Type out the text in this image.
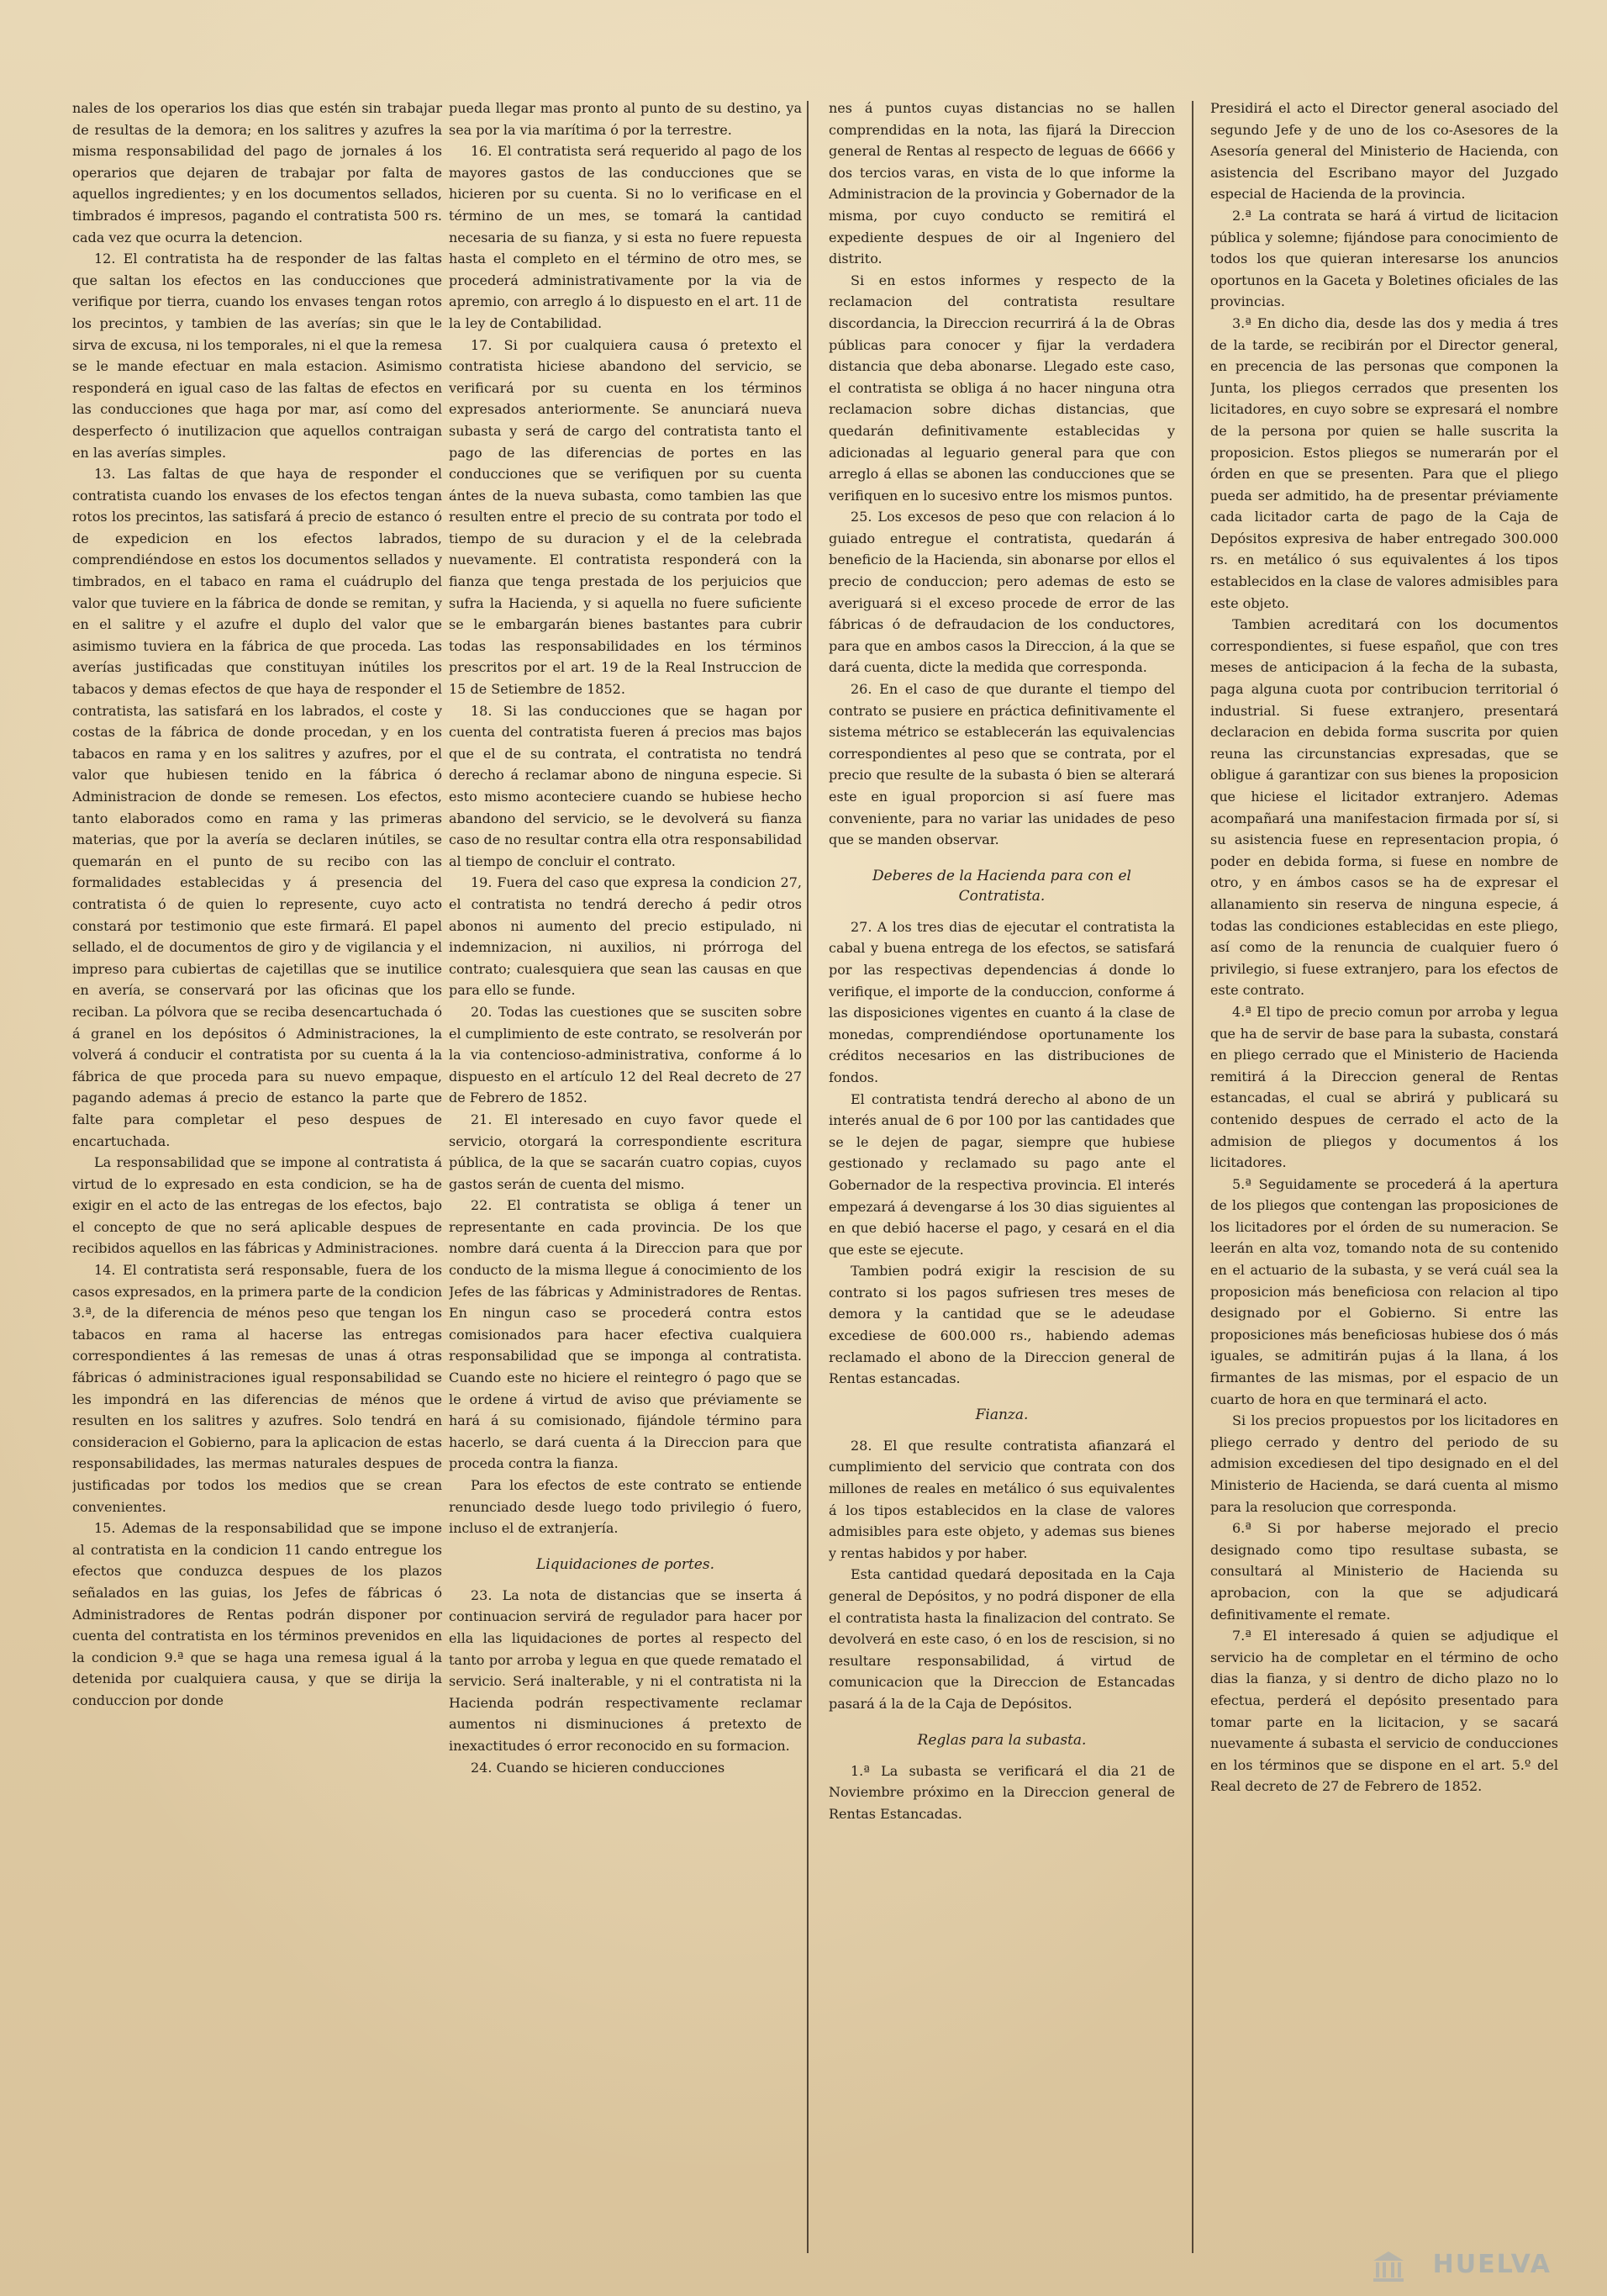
nales de los operarios los dias que estén sin trabajar de resultas de la demora; en los salitres y azufres la misma responsabilidad del pago de jornales á los operarios que dejaren de trabajar por falta de aquellos ingredientes; y en los documentos sellados, timbrados é impresos, pagando el contratista 500 rs. cada vez que ocurra la detencion.

12. El contratista ha de responder de las faltas que saltan los efectos en las conducciones que verifique por tierra, cuando los envases tengan rotos los precintos, y tambien de las averías; sin que le sirva de excusa, ni los temporales, ni el que la remesa se le mande efectuar en mala estacion. Asimismo responderá en igual caso de las faltas de efectos en las conducciones que haga por mar, así como del desperfecto ó inutilizacion que aquellos contraigan en las averías simples.

13. Las faltas de que haya de responder el contratista cuando los envases de los efectos tengan rotos los precintos, las satisfará á precio de estanco ó de expedicion en los efectos labrados, comprendiéndose en estos los documentos sellados y timbrados, en el tabaco en rama el cuádruplo del valor que tuviere en la fábrica de donde se remitan, y en el salitre y el azufre el duplo del valor que asimismo tuviera en la fábrica de que proceda. Las averías justificadas que constituyan inútiles los tabacos y demas efectos de que haya de responder el contratista, las satisfará en los labrados, el coste y costas de la fábrica de donde procedan, y en los tabacos en rama y en los salitres y azufres, por el valor que hubiesen tenido en la fábrica ó Administracion de donde se remesen. Los efectos, tanto elaborados como en rama y las primeras materias, que por la avería se declaren inútiles, se quemarán en el punto de su recibo con las formalidades establecidas y á presencia del contratista ó de quien lo represente, cuyo acto constará por testimonio que este firmará. El papel sellado, el de documentos de giro y de vigilancia y el impreso para cubiertas de cajetillas que se inutilice en avería, se conservará por las oficinas que los reciban. La pólvora que se reciba desencartuchada ó á granel en los depósitos ó Administraciones, la volverá á conducir el contratista por su cuenta á la fábrica de que proceda para su nuevo empaque, pagando ademas á precio de estanco la parte que falte para completar el peso despues de encartuchada.

La responsabilidad que se impone al contratista á virtud de lo expresado en esta condicion, se ha de exigir en el acto de las entregas de los efectos, bajo el concepto de que no será aplicable despues de recibidos aquellos en las fábricas y Administraciones.

14. El contratista será responsable, fuera de los casos expresados, en la primera parte de la condicion 3.ª, de la diferencia de ménos peso que tengan los tabacos en rama al hacerse las entregas correspondientes á las remesas de unas á otras fábricas ó administraciones igual responsabilidad se les impondrá en las diferencias de ménos que resulten en los salitres y azufres. Solo tendrá en consideracion el Gobierno, para la aplicacion de estas responsabilidades, las mermas naturales despues de justificadas por todos los medios que se crean convenientes.

15. Ademas de la responsabilidad que se impone al contratista en la condicion 11 cando entregue los efectos que conduzca despues de los plazos señalados en las guias, los Jefes de fábricas ó Administradores de Rentas podrán disponer por cuenta del contratista en los términos prevenidos en la condicion 9.ª que se haga una remesa igual á la detenida por cualquiera causa, y que se dirija la conduccion por donde

pueda llegar mas pronto al punto de su destino, ya sea por la via marítima ó por la terrestre.

16. El contratista será requerido al pago de los mayores gastos de las conducciones que se hicieren por su cuenta. Si no lo verificase en el término de un mes, se tomará la cantidad necesaria de su fianza, y si esta no fuere repuesta hasta el completo en el término de otro mes, se procederá administrativamente por la via de apremio, con arreglo á lo dispuesto en el art. 11 de la ley de Contabilidad.

17. Si por cualquiera causa ó pretexto el contratista hiciese abandono del servicio, se verificará por su cuenta en los términos expresados anteriormente. Se anunciará nueva subasta y será de cargo del contratista tanto el pago de las diferencias de portes en las conducciones que se verifiquen por su cuenta ántes de la nueva subasta, como tambien las que resulten entre el precio de su contrata por todo el tiempo de su duracion y el de la celebrada nuevamente. El contratista responderá con la fianza que tenga prestada de los perjuicios que sufra la Hacienda, y si aquella no fuere suficiente se le embargarán bienes bastantes para cubrir todas las responsabilidades en los términos prescritos por el art. 19 de la Real Instruccion de 15 de Setiembre de 1852.

18. Si las conducciones que se hagan por cuenta del contratista fueren á precios mas bajos que el de su contrata, el contratista no tendrá derecho á reclamar abono de ninguna especie. Si esto mismo aconteciere cuando se hubiese hecho abandono del servicio, se le devolverá su fianza caso de no resultar contra ella otra responsabilidad al tiempo de concluir el contrato.

19. Fuera del caso que expresa la condicion 27, el contratista no tendrá derecho á pedir otros abonos ni aumento del precio estipulado, ni indemnizacion, ni auxilios, ni prórroga del contrato; cualesquiera que sean las causas en que para ello se funde.

20. Todas las cuestiones que se susciten sobre el cumplimiento de este contrato, se resolverán por la via contencioso-administrativa, conforme á lo dispuesto en el artículo 12 del Real decreto de 27 de Febrero de 1852.

21. El interesado en cuyo favor quede el servicio, otorgará la correspondiente escritura pública, de la que se sacarán cuatro copias, cuyos gastos serán de cuenta del mismo.

22. El contratista se obliga á tener un representante en cada provincia. De los que nombre dará cuenta á la Direccion para que por conducto de la misma llegue á conocimiento de los Jefes de las fábricas y Administradores de Rentas. En ningun caso se procederá contra estos comisionados para hacer efectiva cualquiera responsabilidad que se imponga al contratista. Cuando este no hiciere el reintegro ó pago que se le ordene á virtud de aviso que préviamente se hará á su comisionado, fijándole término para hacerlo, se dará cuenta á la Direccion para que proceda contra la fianza.

Para los efectos de este contrato se entiende renunciado desde luego todo privilegio ó fuero, incluso el de extranjería.

Liquidaciones de portes.

23. La nota de distancias que se inserta á continuacion servirá de regulador para hacer por ella las liquidaciones de portes al respecto del tanto por arroba y legua en que quede rematado el servicio. Será inalterable, y ni el contratista ni la Hacienda podrán respectivamente reclamar aumentos ni disminuciones á pretexto de inexactitudes ó error reconocido en su formacion.

24. Cuando se hicieren conducciones

nes á puntos cuyas distancias no se hallen comprendidas en la nota, las fijará la Direccion general de Rentas al respecto de leguas de 6666 y dos tercios varas, en vista de lo que informe la Administracion de la provincia y Gobernador de la misma, por cuyo conducto se remitirá el expediente despues de oir al Ingeniero del distrito.

Si en estos informes y respecto de la reclamacion del contratista resultare discordancia, la Direccion recurrirá á la de Obras públicas para conocer y fijar la verdadera distancia que deba abonarse. Llegado este caso, el contratista se obliga á no hacer ninguna otra reclamacion sobre dichas distancias, que quedarán definitivamente establecidas y adicionadas al leguario general para que con arreglo á ellas se abonen las conducciones que se verifiquen en lo sucesivo entre los mismos puntos.

25. Los excesos de peso que con relacion á lo guiado entregue el contratista, quedarán á beneficio de la Hacienda, sin abonarse por ellos el precio de conduccion; pero ademas de esto se averiguará si el exceso procede de error de las fábricas ó de defraudacion de los conductores, para que en ambos casos la Direccion, á la que se dará cuenta, dicte la medida que corresponda.

26. En el caso de que durante el tiempo del contrato se pusiere en práctica definitivamente el sistema métrico se establecerán las equivalencias correspondientes al peso que se contrata, por el precio que resulte de la subasta ó bien se alterará este en igual proporcion si así fuere mas conveniente, para no variar las unidades de peso que se manden observar.

Deberes de la Hacienda para con el Contratista.

27. A los tres dias de ejecutar el contratista la cabal y buena entrega de los efectos, se satisfará por las respectivas dependencias á donde lo verifique, el importe de la conduccion, conforme á las disposiciones vigentes en cuanto á la clase de monedas, comprendiéndose oportunamente los créditos necesarios en las distribuciones de fondos.

El contratista tendrá derecho al abono de un interés anual de 6 por 100 por las cantidades que se le dejen de pagar, siempre que hubiese gestionado y reclamado su pago ante el Gobernador de la respectiva provincia. El interés empezará á devengarse á los 30 dias siguientes al en que debió hacerse el pago, y cesará en el dia que este se ejecute.

Tambien podrá exigir la rescision de su contrato si los pagos sufriesen tres meses de demora y la cantidad que se le adeudase excediese de 600.000 rs., habiendo ademas reclamado el abono de la Direccion general de Rentas estancadas.

Fianza.

28. El que resulte contratista afianzará el cumplimiento del servicio que contrata con dos millones de reales en metálico ó sus equivalentes á los tipos establecidos en la clase de valores admisibles para este objeto, y ademas sus bienes y rentas habidos y por haber.

Esta cantidad quedará depositada en la Caja general de Depósitos, y no podrá disponer de ella el contratista hasta la finalizacion del contrato. Se devolverá en este caso, ó en los de rescision, si no resultare responsabilidad, á virtud de comunicacion que la Direccion de Estancadas pasará á la de la Caja de Depósitos.

Reglas para la subasta.

1.ª La subasta se verificará el dia 21 de Noviembre próximo en la Direccion general de Rentas Estancadas.

Presidirá el acto el Director general asociado del segundo Jefe y de uno de los co-Asesores de la Asesoría general del Ministerio de Hacienda, con asistencia del Escribano mayor del Juzgado especial de Hacienda de la provincia.

2.ª La contrata se hará á virtud de licitacion pública y solemne; fijándose para conocimiento de todos los que quieran interesarse los anuncios oportunos en la Gaceta y Boletines oficiales de las provincias.

3.ª En dicho dia, desde las dos y media á tres de la tarde, se recibirán por el Director general, en precencia de las personas que componen la Junta, los pliegos cerrados que presenten los licitadores, en cuyo sobre se expresará el nombre de la persona por quien se halle suscrita la proposicion. Estos pliegos se numerarán por el órden en que se presenten. Para que el pliego pueda ser admitido, ha de presentar préviamente cada licitador carta de pago de la Caja de Depósitos expresiva de haber entregado 300.000 rs. en metálico ó sus equivalentes á los tipos establecidos en la clase de valores admisibles para este objeto.

Tambien acreditará con los documentos correspondientes, si fuese español, que con tres meses de anticipacion á la fecha de la subasta, paga alguna cuota por contribucion territorial ó industrial. Si fuese extranjero, presentará declaracion en debida forma suscrita por quien reuna las circunstancias expresadas, que se obligue á garantizar con sus bienes la proposicion que hiciese el licitador extranjero. Ademas acompañará una manifestacion firmada por sí, si su asistencia fuese en representacion propia, ó poder en debida forma, si fuese en nombre de otro, y en ámbos casos se ha de expresar el allanamiento sin reserva de ninguna especie, á todas las condiciones establecidas en este pliego, así como de la renuncia de cualquier fuero ó privilegio, si fuese extranjero, para los efectos de este contrato.

4.ª El tipo de precio comun por arroba y legua que ha de servir de base para la subasta, constará en pliego cerrado que el Ministerio de Hacienda remitirá á la Direccion general de Rentas estancadas, el cual se abrirá y publicará su contenido despues de cerrado el acto de la admision de pliegos y documentos á los licitadores.

5.ª Seguidamente se procederá á la apertura de los pliegos que contengan las proposiciones de los licitadores por el órden de su numeracion. Se leerán en alta voz, tomando nota de su contenido en el actuario de la subasta, y se verá cuál sea la proposicion más beneficiosa con relacion al tipo designado por el Gobierno. Si entre las proposiciones más beneficiosas hubiese dos ó más iguales, se admitirán pujas á la llana, á los firmantes de las mismas, por el espacio de un cuarto de hora en que terminará el acto.

Si los precios propuestos por los licitadores en pliego cerrado y dentro del periodo de su admision excediesen del tipo designado en el del Ministerio de Hacienda, se dará cuenta al mismo para la resolucion que corresponda.

6.ª Si por haberse mejorado el precio designado como tipo resultase subasta, se consultará al Ministerio de Hacienda su aprobacion, con la que se adjudicará definitivamente el remate.

7.ª El interesado á quien se adjudique el servicio ha de completar en el término de ocho dias la fianza, y si dentro de dicho plazo no lo efectua, perderá el depósito presentado para tomar parte en la licitacion, y se sacará nuevamente á subasta el servicio de conducciones en los términos que se dispone en el art. 5.º del Real decreto de 27 de Febrero de 1852.

HUELVA
